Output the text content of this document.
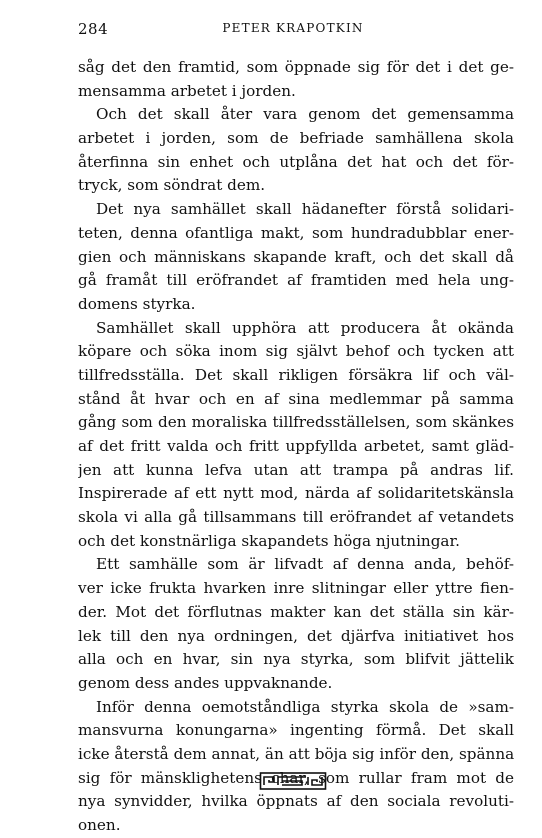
284	PETER KRAPOTKIN
såg det den framtid, som öppnade sig för det i det ge-
mensamma arbetet i jorden.
Och det skall åter vara genom det gemensamma
arbetet i jorden, som de befriade samhällena skola
återfinna sin enhet och utplåna det hat och det för-
tryck, som söndrat dem.
Det nya samhället skall hädanefter förstå solidari-
teten, denna ofantliga makt, som hundradubblar ener-
gien och människans skapande kraft, och det skall då
gå framåt till eröfrandet af framtiden med hela ung-
domens styrka.
Samhället skall upphöra att producera åt okända
köpare och söka inom sig självt behof och tycken att
tillfredsställa. Det skall rikligen försäkra lif och väl-
stånd åt hvar och en af sina medlemmar på samma
gång som den moraliska tillfredsställelsen, som skänkes
af det fritt valda och fritt uppfyllda arbetet, samt gläd-
jen att kunna lefva utan att trampa på andras lif.
Inspirerade af ett nytt mod, närda af solidaritetskänsla
skola vi alla gå tillsammans till eröfrandet af vetandets
och det konstnärliga skapandets höga njutningar.
Ett samhälle som är lifvadt af denna anda, behöf-
ver icke frukta hvarken inre slitningar eller yttre fien-
der. Mot det förflutnas makter kan det ställa sin kär-
lek till den nya ordningen, det djärfva initiativet hos
alla och en hvar, sin nya styrka, som blifvit jättelik
genom dess andes uppvaknande.
Inför denna oemotståndliga styrka skola de »sam-
mansvurna konungarna» ingenting förmå. Det skall
icke återstå dem annat, än att böja sig inför den, spänna
sig för mänsklighetens char, som rullar fram mot de
nya synvidder, hvilka öppnats af den sociala revoluti-
onen.
